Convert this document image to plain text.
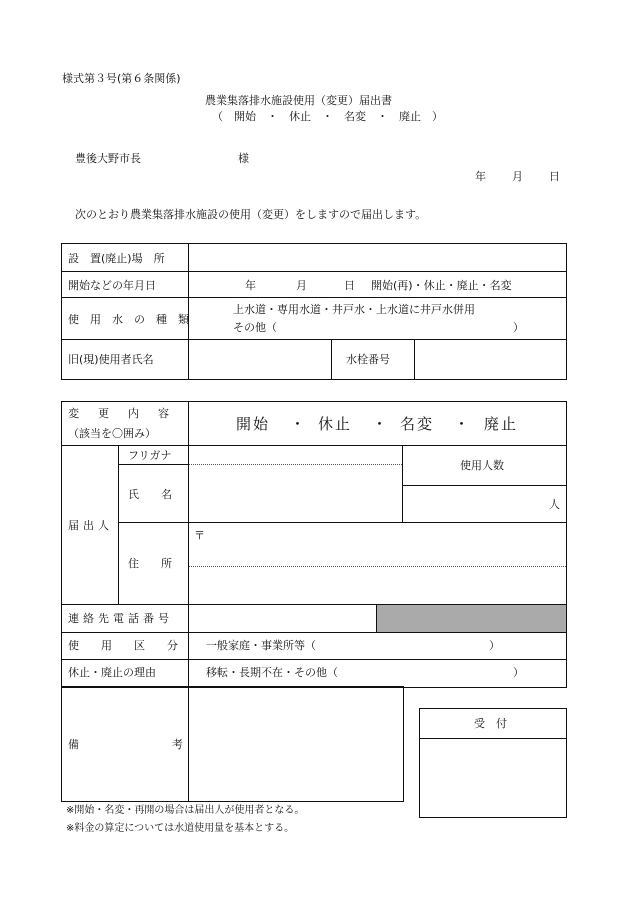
様式第３号(第６条関係)
農業集落排水施設使用（変更）届出書
（　開始　・　休止　・　名変　・　廃止　）
豊後大野市長	様
年 月 日
次のとおり農業集落排水施設の使用（変更）をしますので届出します。
設　置(廃止)場　所
開始などの年月日	年	月	日 開始(再)・休止・廃止・名変
使　用　水　の　種　類
上水道・専用水道・井戸水・上水道に井戸水併用
その他（	）
旧(現)使用者氏名	水栓番号
変　更　内　容
（該当を〇囲み）
開始 ・ 休止 ・ 名変 ・ 廃止
届出人
フリガナ
氏　　名
使用人数
人
〒
住　　所
連絡先電話番号
使　　用　　区　　分	一般家庭・事業所等（	）
休止・廃止の理由	移転・長期不在・その他（	）
備	考
受　付
※開始・名変・再開の場合は届出人が使用者となる。
※料金の算定については水道使用量を基本とする。
